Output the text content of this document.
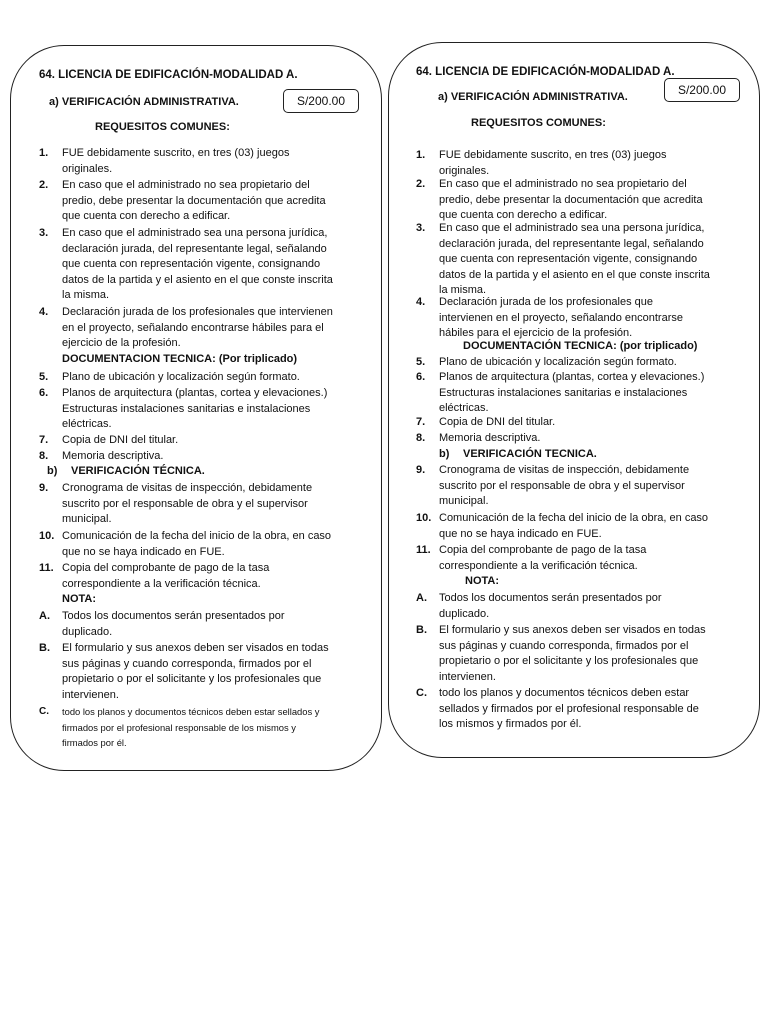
64. LICENCIA DE EDIFICACIÓN-MODALIDAD A.
a) VERIFICACIÓN ADMINISTRATIVA.	S/200.00
REQUESITOS COMUNES:
1. FUE debidamente suscrito, en tres (03) juegos
originales.
2. En caso que el administrado no sea propietario del
predio, debe presentar la documentación que acredita
que cuenta con derecho a edificar.
3. En caso que el administrado sea una persona jurídica,
declaración jurada, del representante legal, señalando
que cuenta con representación vigente, consignando
datos de la partida y el asiento en el que conste inscrita
la misma.
4. Declaración jurada de los profesionales que intervienen
en el proyecto, señalando encontrarse hábiles para el
ejercicio de la profesión.
DOCUMENTACION TECNICA: (Por triplicado)
5. Plano de ubicación y localización según formato.
6. Planos de arquitectura (plantas, cortea y elevaciones.)
Estructuras instalaciones sanitarias e instalaciones
eléctricas.
7. Copia de DNI del titular.
8. Memoria descriptiva.
b) VERIFICACIÓN TÉCNICA.
9. Cronograma de visitas de inspección, debidamente
suscrito por el responsable de obra y el supervisor
municipal.
10. Comunicación de la fecha del inicio de la obra, en caso
que no se haya indicado en FUE.
11. Copia del comprobante de pago de la tasa
correspondiente a la verificación técnica.
NOTA:
A. Todos los documentos serán presentados por
duplicado.
B. El formulario y sus anexos deben ser visados en todas
sus páginas y cuando corresponda, firmados por el
propietario o por el solicitante y los profesionales que
intervienen.
C. todo los planos y documentos técnicos deben estar sellados y
firmados por el profesional responsable de los mismos y
firmados por él.
64. LICENCIA DE EDIFICACIÓN-MODALIDAD A.
a) VERIFICACIÓN ADMINISTRATIVA.	S/200.00
REQUESITOS COMUNES:
1. FUE debidamente suscrito, en tres (03) juegos
originales.
2. En caso que el administrado no sea propietario del
predio, debe presentar la documentación que acredita
que cuenta con derecho a edificar.
3. En caso que el administrado sea una persona jurídica,
declaración jurada, del representante legal, señalando
que cuenta con representación vigente, consignando
datos de la partida y el asiento en el que conste inscrita
la misma.
4. Declaración jurada de los profesionales que
intervienen en el proyecto, señalando encontrarse
hábiles para el ejercicio de la profesión.
DOCUMENTACIÓN TECNICA: (por triplicado)
5. Plano de ubicación y localización según formato.
6. Planos de arquitectura (plantas, cortea y elevaciones.)
Estructuras instalaciones sanitarias e instalaciones
eléctricas.
7. Copia de DNI del titular.
8. Memoria descriptiva.
b) VERIFICACIÓN TECNICA.
9. Cronograma de visitas de inspección, debidamente
suscrito por el responsable de obra y el supervisor
municipal.
10. Comunicación de la fecha del inicio de la obra, en caso
que no se haya indicado en FUE.
11. Copia del comprobante de pago de la tasa
correspondiente a la verificación técnica.
NOTA:
A. Todos los documentos serán presentados por
duplicado.
B. El formulario y sus anexos deben ser visados en todas
sus páginas y cuando corresponda, firmados por el
propietario o por el solicitante y los profesionales que
intervienen.
C. todo los planos y documentos técnicos deben estar
sellados y firmados por el profesional responsable de
los mismos y firmados por él.
